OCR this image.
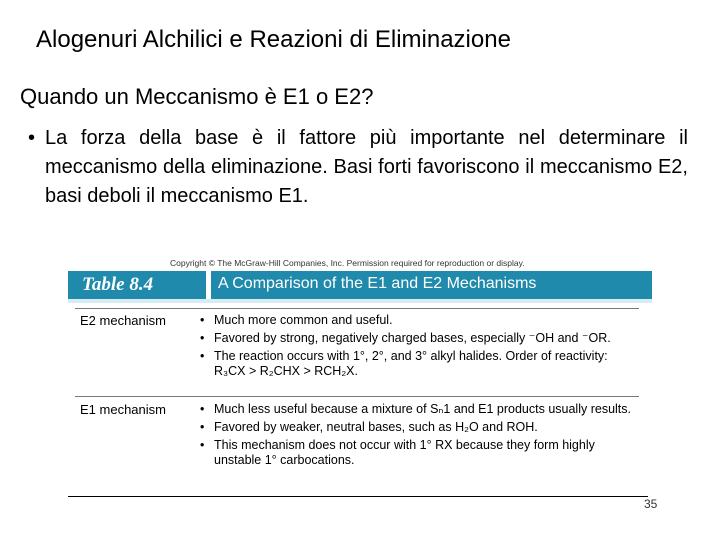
Alogenuri Alchilici e Reazioni di Eliminazione
Quando un Meccanismo è E1 o E2?
• La forza della base è il fattore più importante nel determinare il meccanismo della eliminazione. Basi forti favoriscono il meccanismo E2, basi deboli il meccanismo E1.
Copyright © The McGraw-Hill Companies, Inc. Permission required for reproduction or display.
Table 8.4	A Comparison of the E1 and E2 Mechanisms
E2 mechanism	• Much more common and useful.
• Favored by strong, negatively charged bases, especially ⁻OH and ⁻OR.
• The reaction occurs with 1°, 2°, and 3° alkyl halides. Order of reactivity: R₃CX > R₂CHX > RCH₂X.
E1 mechanism	• Much less useful because a mixture of Sₙ1 and E1 products usually results.
• Favored by weaker, neutral bases, such as H₂O and ROH.
• This mechanism does not occur with 1° RX because they form highly unstable 1° carbocations.
35
